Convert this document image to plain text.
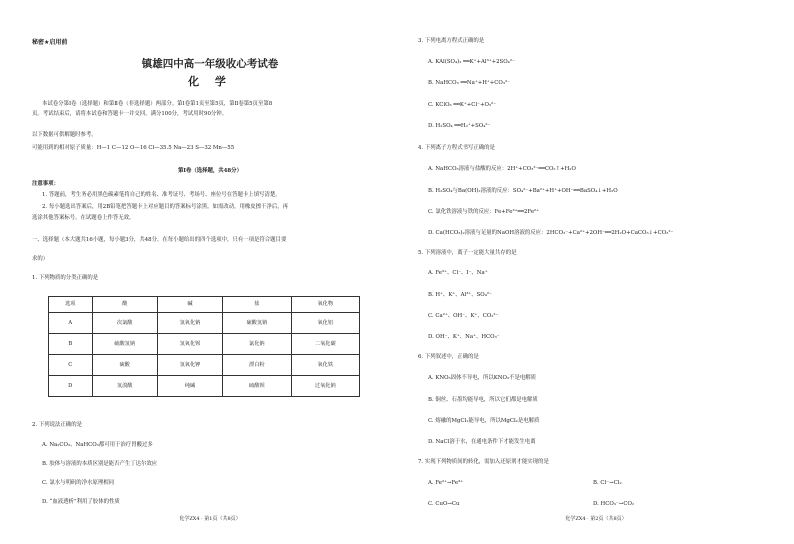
秘密★启用前
镇雄四中高一年级收心考试卷
化 学
本试卷分第Ⅰ卷（选择题）和第Ⅱ卷（非选择题）两部分。第Ⅰ卷第1页至第5页，第Ⅱ卷第5页至第8
页。考试结束后，请将本试卷和答题卡一并交回。满分100分，考试用时90分钟。
以下数据可供解题时参考。
可能用到的相对原子质量：H—1 C—12 O—16 Cl—35.5 Na—23 S—32 Mn—55
第Ⅰ卷（选择题，共48分）
注意事项：
1. 答题前，考生务必用黑色碳素笔将自己的姓名、准考证号、考场号、座位号在答题卡上填写清楚。
2. 每小题选出答案后，用2B铅笔把答题卡上对应题目的答案标号涂黑。如需改动，用橡皮擦干净后，再
选涂其他答案标号。在试题卷上作答无效。
一、选择题（本大题共16小题，每小题3分，共48分。在每小题给出的四个选项中，只有一项是符合题目要
求的）
1. 下列物质的分类正确的是
选项	酸	碱	盐	氧化物
A	次氯酸	氢氧化钠	硫酸氢钠	氧化铝
B	硫酸氢钠	氢氧化钡	氯化钠	二氧化碳
C	硫酸	氢氧化钾	漂白粉	氧化铁
D	氢溴酸	纯碱	硫酸钡	过氧化钠
2. 下列说法正确的是
A. Na₂CO₃、NaHCO₃都可用于治疗胃酸过多
B. 胶体与溶液的本质区别是能否产生丁达尔效应
C. 氯水与明矾的净水原理相同
D. “血液透析”利用了胶体的性质
化学ZX4 · 第1页（共8页）
3. 下列电离方程式正确的是
A. KAl(SO₄)₂ ══K⁺+Al³⁺+2SO₄²⁻
B. NaHCO₃ ══Na⁺+H⁺+CO₃²⁻
C. KClO₃ ══K⁺+Cl⁻+O₃²⁻
D. H₂SO₄ ══H₂⁺+SO₄²⁻
4. 下列离子方程式书写正确的是
A. NaHCO₃溶液与盐酸的反应：2H⁺+CO₃²⁻══CO₂↑+H₂O
B. H₂SO₄与Ba(OH)₂溶液的反应：SO₄²⁻+Ba²⁺+H⁺+OH⁻══BaSO₄↓+H₂O
C. 氯化铁溶液与铁的反应：Fe+Fe³⁺══2Fe²⁺
D. Ca(HCO₃)₂溶液与足量的NaOH溶液的反应：2HCO₃⁻+Ca²⁺+2OH⁻══2H₂O+CaCO₃↓+CO₃²⁻
5. 下列溶液中，离子一定能大量共存的是
A. Fe³⁺、Cl⁻、I⁻、Na⁺
B. H⁺、K⁺、Al³⁺、SO₄²⁻
C. Ca²⁺、OH⁻、K⁺、CO₃²⁻
D. OH⁻、K⁺、Na⁺、HCO₃⁻
6. 下列叙述中，正确的是
A. KNO₃固体不导电，所以KNO₃不是电解质
B. 铜丝、石墨均能导电，所以它们都是电解质
C. 熔融的MgCl₂能导电，所以MgCl₂是电解质
D. NaCl溶于水，在通电条件下才能发生电离
7. 实现下列物质间的转化，需加入还原剂才能实现的是
A. Fe²⁺→Fe³⁺	B. Cl⁻→Cl₂
C. CuO→Cu	D. HCO₃⁻→CO₂
化学ZX4 · 第2页（共8页）
